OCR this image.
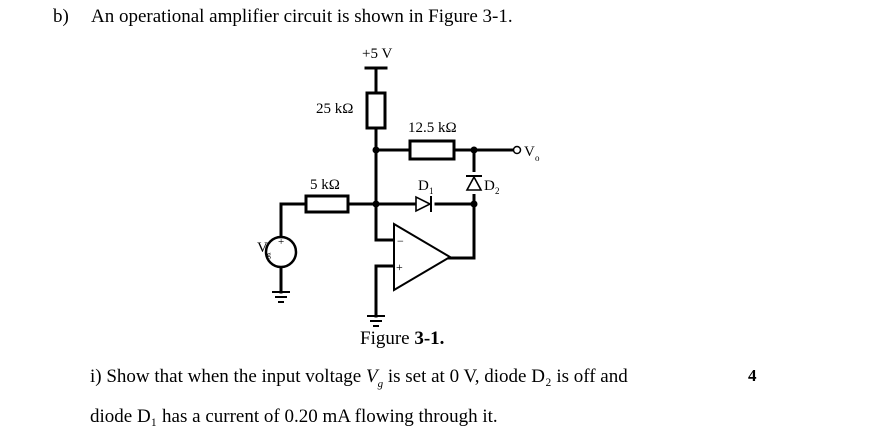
b) An operational amplifier circuit is shown in Figure 3-1.
+5 V
25 kΩ
12.5 kΩ
5 kΩ
V o
D 1	D 2
V g
+	−
+
Figure 3-1.
i) Show that when the input voltage $V_g$ is set at 0 V, diode D₂ is off and
diode D₁ has a current of 0.20 mA flowing through it.
4
